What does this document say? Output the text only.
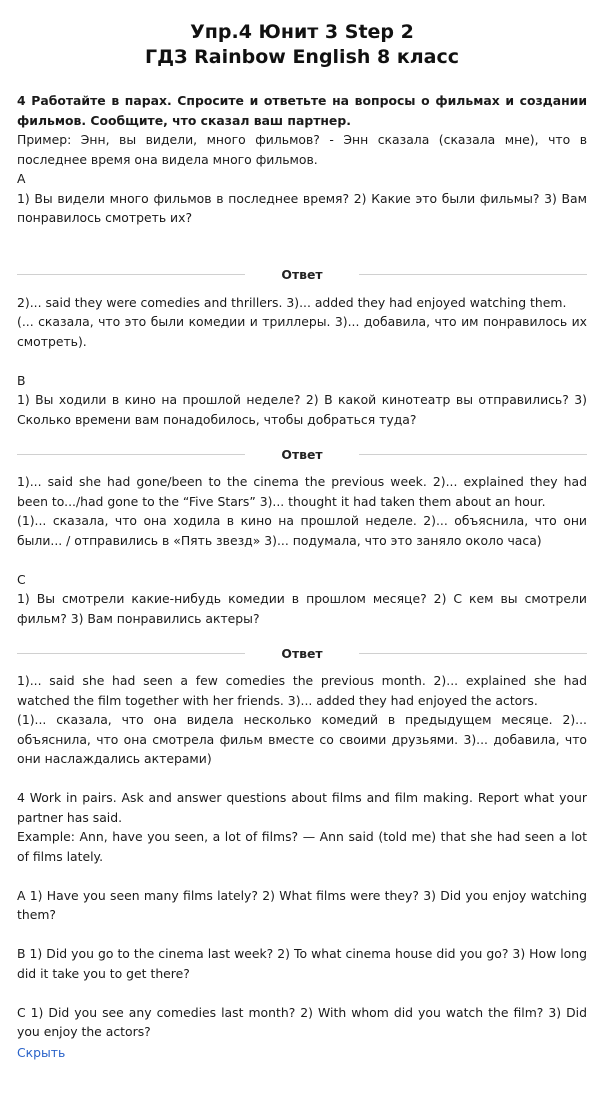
Упр.4 Юнит 3 Step 2
ГДЗ Rainbow English 8 класс

4 Работайте в парах. Спросите и ответьте на вопросы о фильмах и создании фильмов. Сообщите, что сказал ваш партнер.

Пример: Энн, вы видели, много фильмов? - Энн сказала (сказала мне), что в последнее время она видела много фильмов.

A

1) Вы видели много фильмов в последнее время? 2) Какие это были фильмы? 3) Вам понравилось смотреть их?

Ответ

2)... said they were comedies and thrillers. 3)... added they had enjoyed watching them.

(... сказала, что это были комедии и триллеры. 3)... добавила, что им понравилось их смотреть).

B

1) Вы ходили в кино на прошлой неделе? 2) В какой кинотеатр вы отправились? 3) Сколько времени вам понадобилось, чтобы добраться туда?

Ответ

1)... said she had gone/been to the cinema the previous week. 2)... explained they had been to.../had gone to the “Five Stars” 3)... thought it had taken them about an hour.

(1)... сказала, что она ходила в кино на прошлой неделе. 2)... объяснила, что они были... / отправились в «Пять звезд» 3)... подумала, что это заняло около часа)

C

1) Вы смотрели какие-нибудь комедии в прошлом месяце? 2) С кем вы смотрели фильм? 3) Вам понравились актеры?

Ответ

1)... said she had seen a few comedies the previous month. 2)... explained she had watched the film together with her friends. 3)... added they had enjoyed the actors.

(1)... сказала, что она видела несколько комедий в предыдущем месяце. 2)... объяснила, что она смотрела фильм вместе со своими друзьями. 3)... добавила, что они наслаждались актерами)

4 Work in pairs. Ask and answer questions about films and film making. Report what your partner has said.

Example: Ann, have you seen, a lot of films? — Ann said (told me) that she had seen a lot of films lately.

A 1) Have you seen many films lately? 2) What films were they? 3) Did you enjoy watching them?

B 1) Did you go to the cinema last week? 2) To what cinema house did you go? 3) How long did it take you to get there?

C 1) Did you see any comedies last month? 2) With whom did you watch the film? 3) Did you enjoy the actors?

Скрыть
